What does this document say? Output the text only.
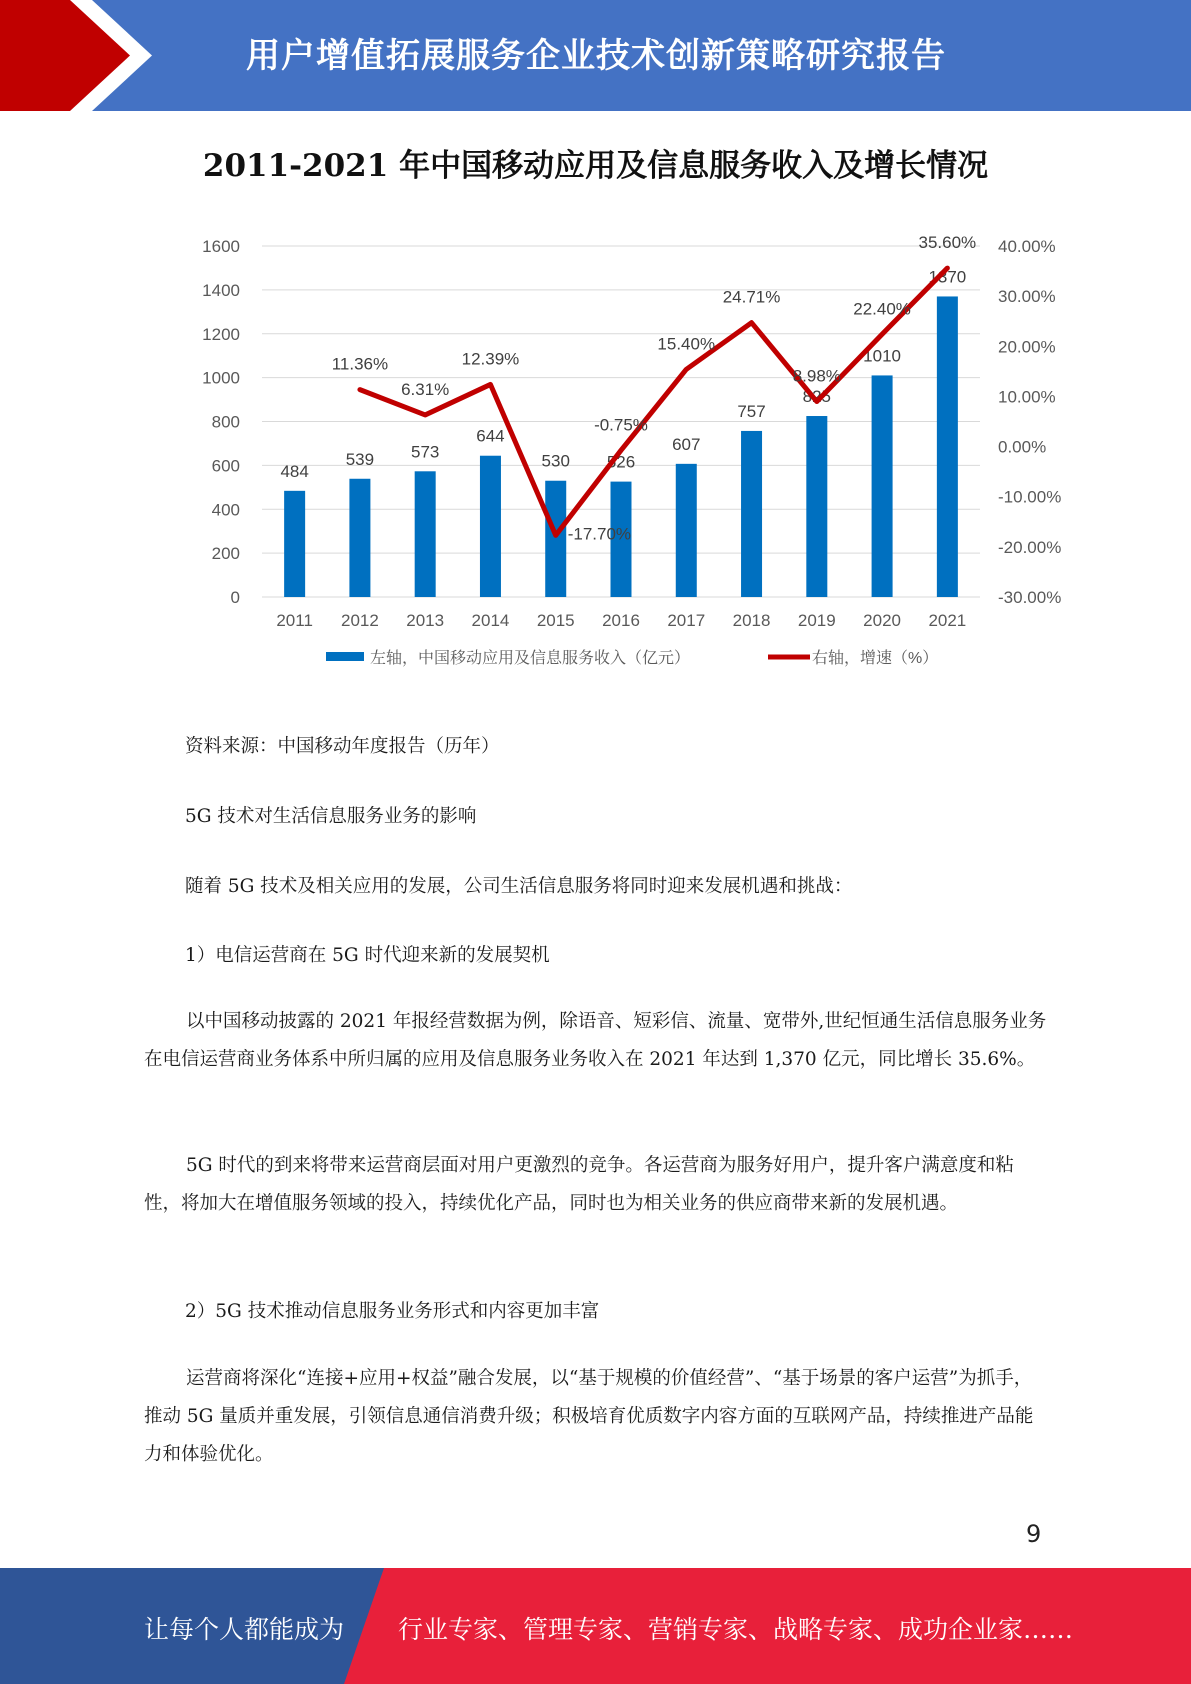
用户增值拓展服务企业技术创新策略研究报告
2011-2021 年中国移动应用及信息服务收入及增长情况
0
200
400
600
800
1000
1200
1400
1600
-30.00%
-20.00%
-10.00%
0.00%
10.00%
20.00%
30.00%
40.00%
2011 2012 2013 2014 2015 2016 2017 2018 2019 2020 2021
484
539 573
644
530 526
607
757
825
1010
1370
11.36%
6.31%
12.39%
-17.70%
-0.75%
15.40%
24.71%
8.98%
22.40%
35.60%
左轴，中国移动应用及信息服务收入（亿元）	右轴，增速（%）
资料来源：中国移动年度报告（历年）
5G 技术对生活信息服务业务的影响
随着 5G 技术及相关应用的发展，公司生活信息服务将同时迎来发展机遇和挑战：
1）电信运营商在 5G 时代迎来新的发展契机
以中国移动披露的 2021 年报经营数据为例，除语音、短彩信、流量、宽带外,世纪恒通生活信息服务业务在电信运营商业务体系中所归属的应用及信息服务业务收入在 2021 年达到 1,370 亿元，同比增长 35.6%。
5G 时代的到来将带来运营商层面对用户更激烈的竞争。各运营商为服务好用户，提升客户满意度和粘性，将加大在增值服务领域的投入，持续优化产品，同时也为相关业务的供应商带来新的发展机遇。
2）5G 技术推动信息服务业务形式和内容更加丰富
运营商将深化“连接+应用+权益”融合发展，以“基于规模的价值经营”、“基于场景的客户运营”为抓手，推动 5G 量质并重发展，引领信息通信消费升级；积极培育优质数字内容方面的互联网产品，持续推进产品能力和体验优化。
9
让每个人都能成为 行业专家、管理专家、营销专家、战略专家、成功企业家……
